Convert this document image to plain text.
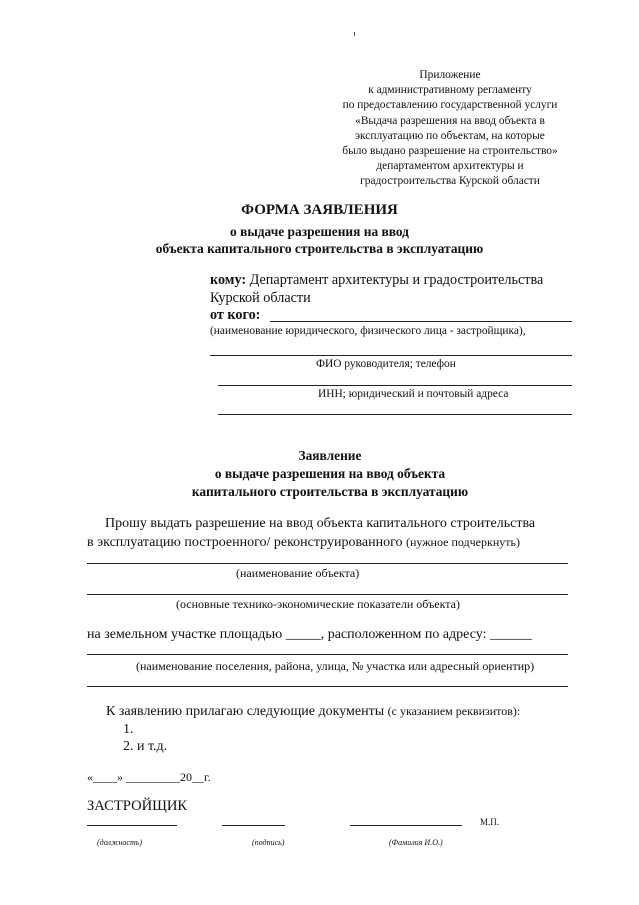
Приложение
к административному регламенту
по предоставлению государственной услуги
«Выдача разрешения на ввод объекта в
эксплуатацию по объектам, на которые
было выдано разрешение на строительство»
департаментом архитектуры и
градостроительства Курской области
ФОРМА ЗАЯВЛЕНИЯ
о выдаче разрешения на ввод
объекта капитального строительства в эксплуатацию
кому: Департамент архитектуры и градостроительства
Курской области
от кого:
(наименование юридического, физического лица - застройщика),
ФИО руководителя; телефон
ИНН; юридический и почтовый адреса
Заявление
о выдаче разрешения на ввод объекта
капитального строительства в эксплуатацию
Прошу выдать разрешение на ввод объекта капитального строительства
в эксплуатацию построенного/ реконструированного (нужное подчеркнуть)
(наименование объекта)
(основные технико-экономические показатели объекта)
на земельном участке площадью _____, расположенном по адресу: ______
(наименование поселения, района, улица, № участка или адресный ориентир)
К заявлению прилагаю следующие документы (с указанием реквизитов):
1.
2. и т.д.
«____» _________20__г.
ЗАСТРОЙЩИК
М.П.
(должность)	(подпись)	(Фамилия И.О.)
